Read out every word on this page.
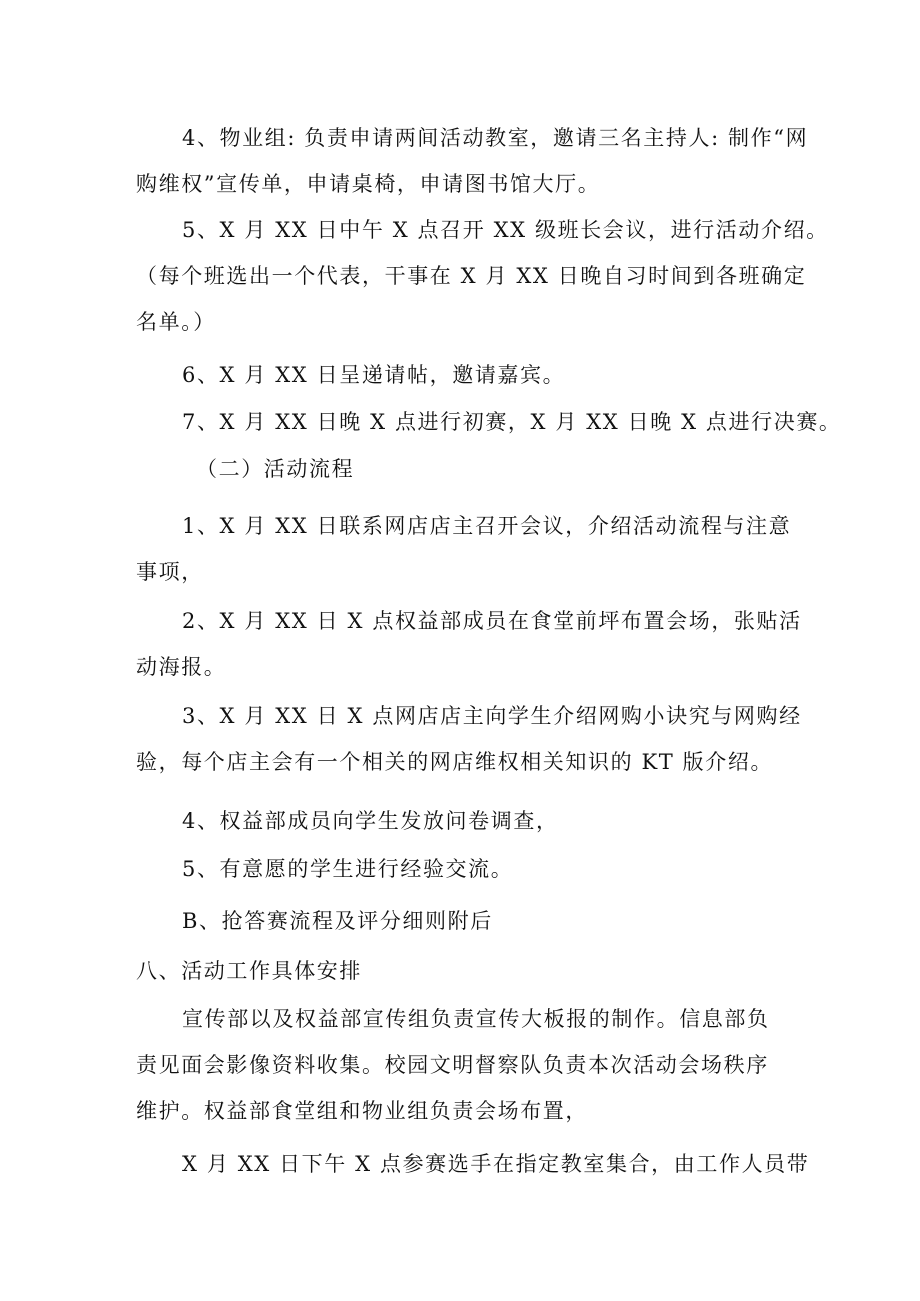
4、物业组: 负责申请两间活动教室，邀请三名主持人: 制作“网
购维权”宣传单，申请桌椅，申请图书馆大厅。

5、X 月 XX 日中午 X 点召开 XX 级班长会议，进行活动介绍。
（每个班选出一个代表，干事在 X 月 XX 日晚自习时间到各班确定
名单。）

6、X 月 XX 日呈递请帖，邀请嘉宾。

7、X 月 XX 日晚 X 点进行初赛，X 月 XX 日晚 X 点进行决赛。

（二）活动流程

1、X 月 XX 日联系网店店主召开会议，介绍活动流程与注意
事项，

2、X 月 XX 日 X 点权益部成员在食堂前坪布置会场，张贴活
动海报。

3、X 月 XX 日 X 点网店店主向学生介绍网购小诀究与网购经
验，每个店主会有一个相关的网店维权相关知识的 KT 版介绍。

4、权益部成员向学生发放问卷调查，

5、有意愿的学生进行经验交流。

B、抢答赛流程及评分细则附后

八、活动工作具体安排

宣传部以及权益部宣传组负责宣传大板报的制作。信息部负
责见面会影像资料收集。校园文明督察队负责本次活动会场秩序
维护。权益部食堂组和物业组负责会场布置，

X 月 XX 日下午 X 点参赛选手在指定教室集合，由工作人员带
